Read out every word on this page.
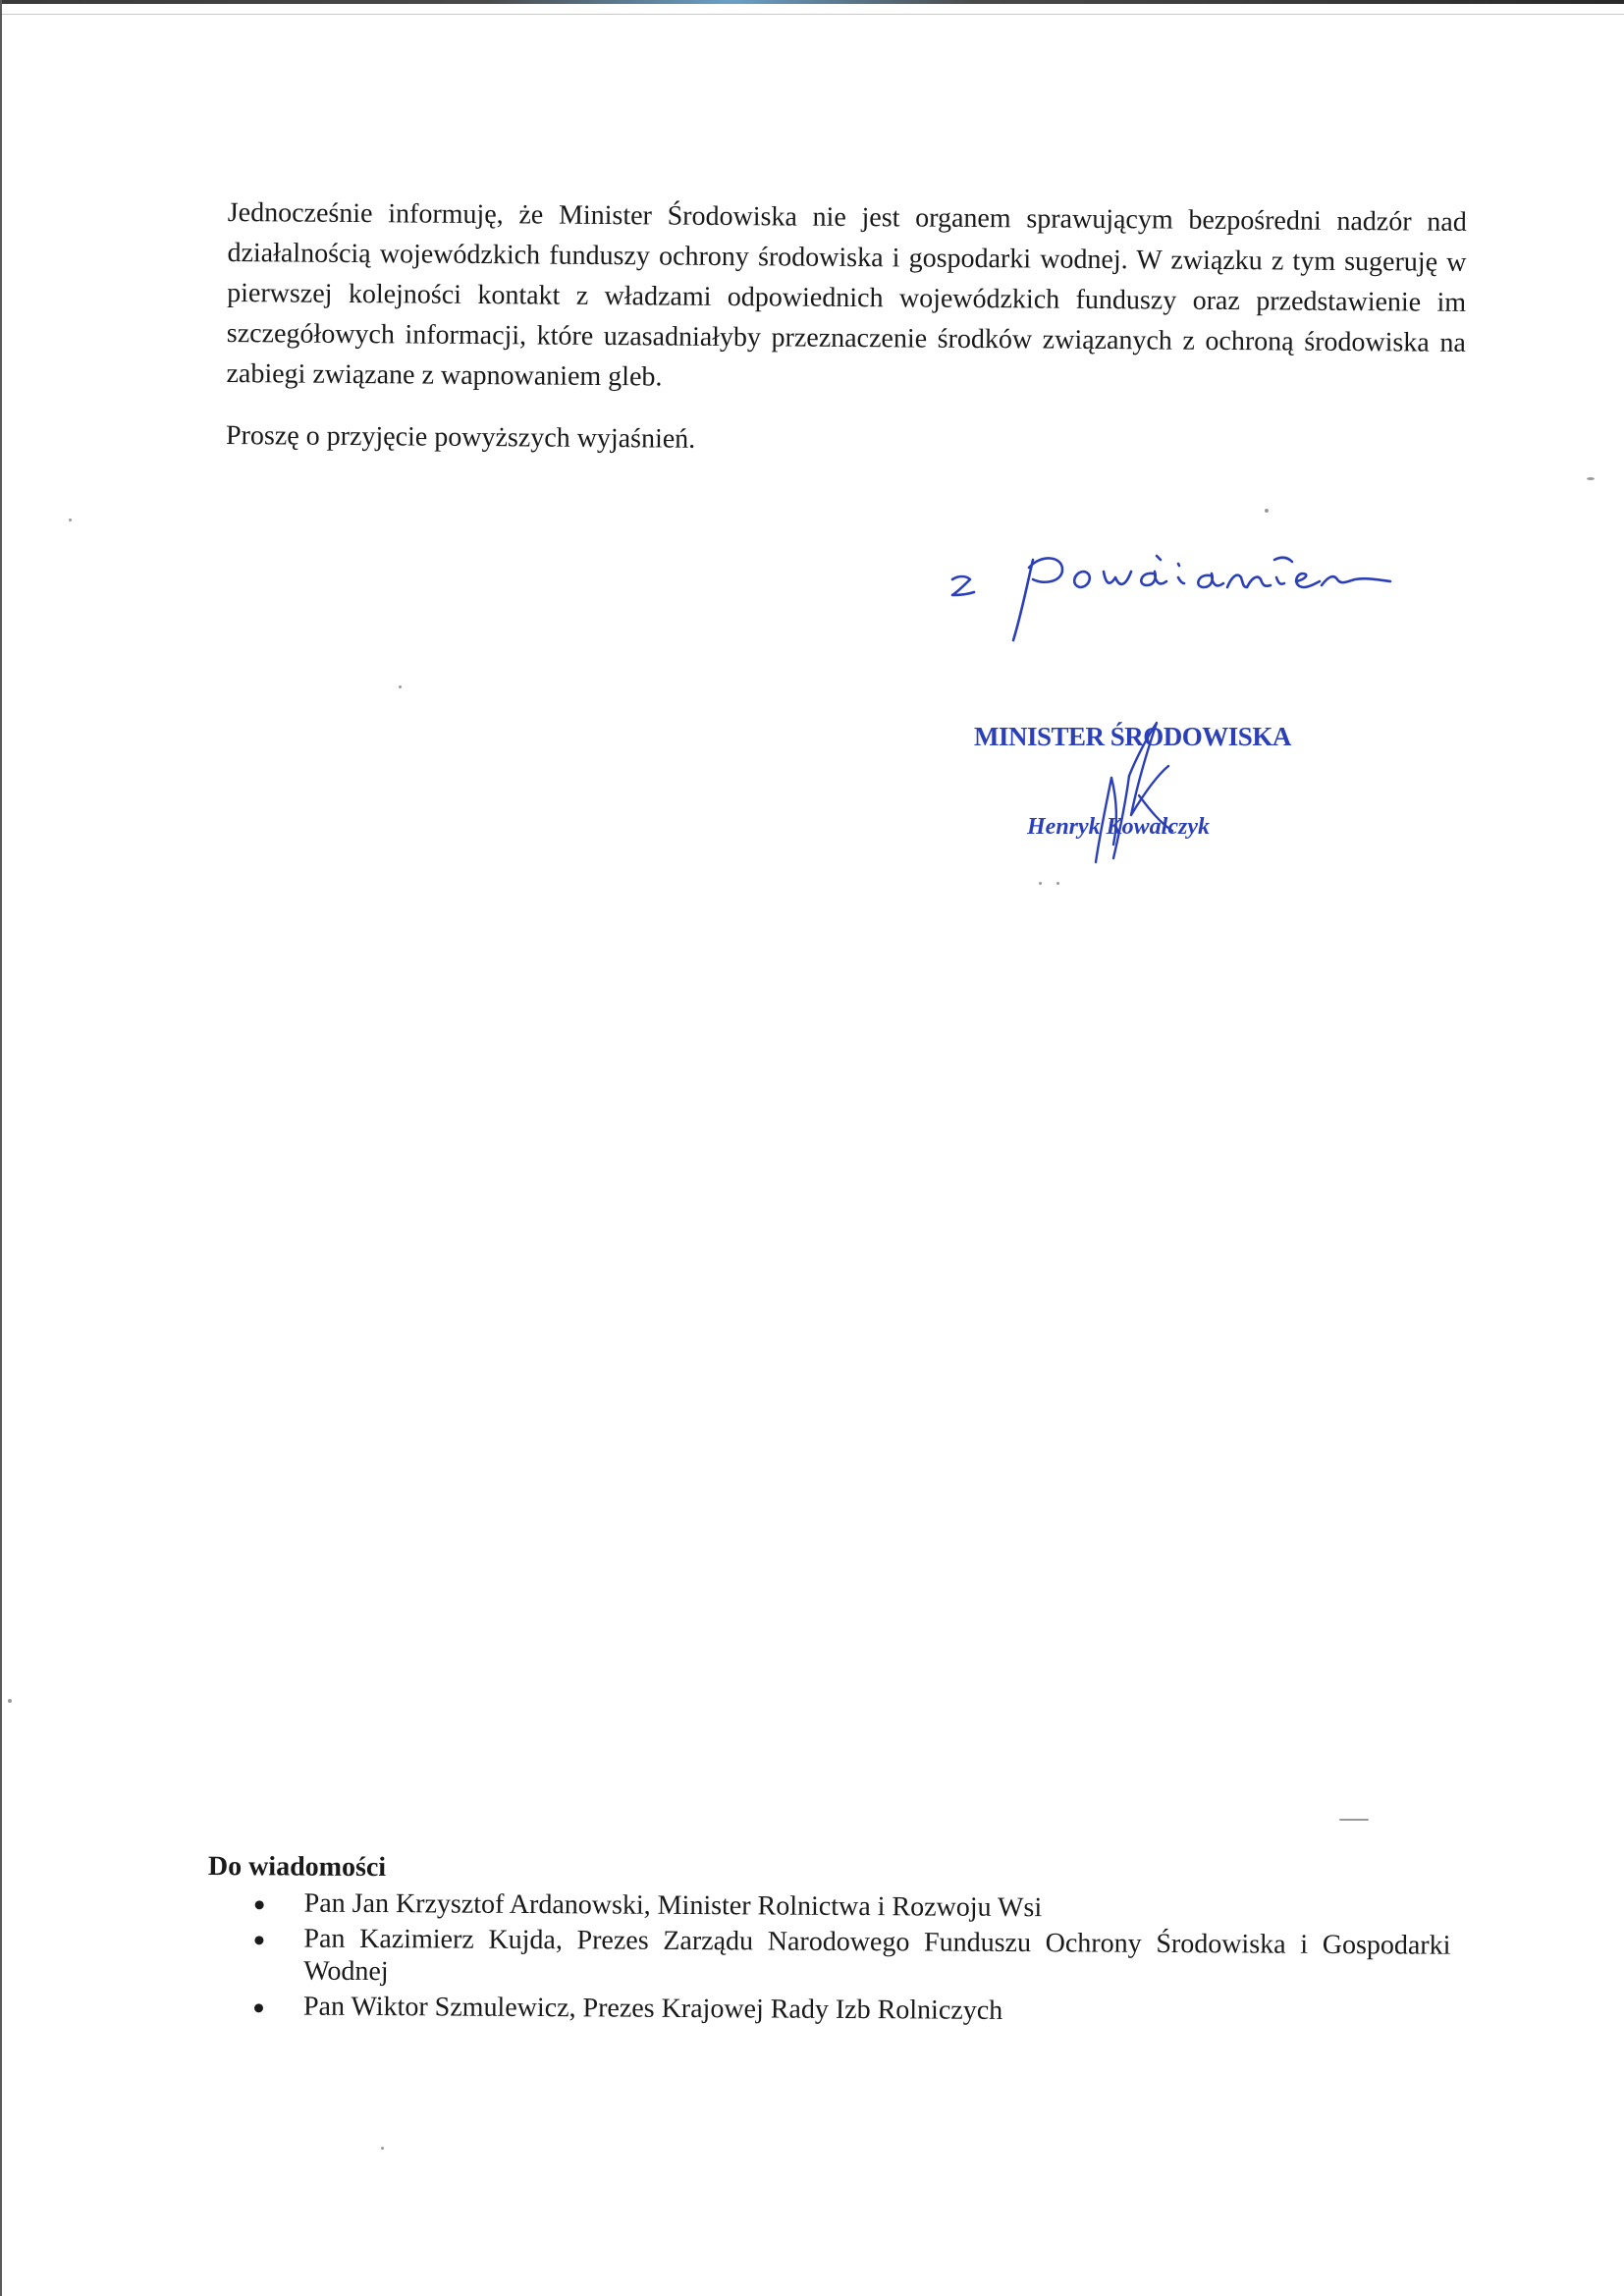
Jednocześnie informuję, że Minister Środowiska nie jest organem sprawującym bezpośredni nadzór nad działalnością wojewódzkich funduszy ochrony środowiska i gospodarki wodnej. W związku z tym sugeruję w pierwszej kolejności kontakt z władzami odpowiednich wojewódzkich funduszy oraz przedstawienie im szczegółowych informacji, które uzasadniałyby przeznaczenie środków związanych z ochroną środowiska na zabiegi związane z wapnowaniem gleb.

Proszę o przyjęcie powyższych wyjaśnień.

MINISTER ŚRODOWISKA
Henryk Kowalczyk
Do wiadomości
Pan Jan Krzysztof Ardanowski, Minister Rolnictwa i Rozwoju Wsi
Pan Kazimierz Kujda, Prezes Zarządu Narodowego Funduszu Ochrony Środowiska i Gospodarki Wodnej
Pan Wiktor Szmulewicz, Prezes Krajowej Rady Izb Rolniczych
